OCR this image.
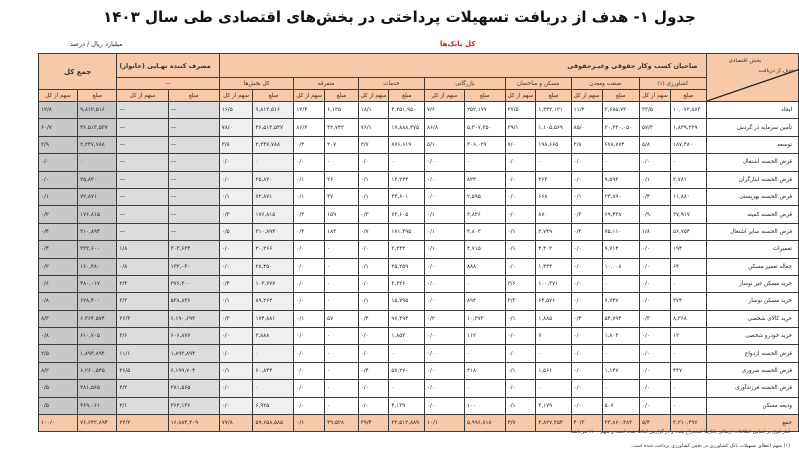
جدول ۱- هدف از دریافت تسهیلات پرداختی در بخش‌های اقتصادی طی سال ۱۴۰۳
میلیارد ریال / درصد	کل بانک‌ها
هدف از دریافت
بخش اقتصادی	صاحبان کسب وکار حقوقی وغیـرحقوقی														مصرف کننده نهـایی (خانوار)		جمع کل	
	کشاورزی (۱)		صنعت ومعدن		مسکن و ساختمان		بازرگانی		خدمات		متفرقه		کل بخش‌ها		—			
	مبلغ	سهم از کل	مبلغ	سهم از کل	مبلغ	سهم از کل	مبلغ	سهم از کل	مبلغ	سهم از کل	مبلغ	سهم از کل	مبلغ	سهم از کل	مبلغ	سهم از کل	مبلغ	سهم از کل
ایجاد	۱۰,۰۷۲,۸۸۳	۳۳/۵	۲,۶۸۵,۷۳۰	۱۱/۲	۱,۳۴۲,۱۲۱	۲۷/۵	۲۵۲,۱۷۷	۷/۶	۴,۲۵۱,۹۵۰	۱۸/۱	۶,۱۳۵	۱۲/۴	۹,۸۱۲,۵۱۶	۱۶/۵	—	—	۹,۸۱۲,۵۱۶	۱۲/۸
تأمین سرمایه در گردش	۱,۸۳۹,۲۲۹	۵۷/۳	۲۰,۲۲۰,۰۵۰	۸۵/۰	۱,۱۰۵,۵۶۹	۳۹/۱	۵,۲۰۷,۳۵۰	۸۶/۸	۱۷,۸۸۸,۳۷۵	۷۶/۱	۴۲,۷۴۳	۸۶/۳	۴۶,۵۱۳,۵۳۷	۷۸/۰	—	—	۴۶,۵۱۳,۵۳۷	۶۰/۷
توسعه	۱۸۷,۴۸۰	۵/۸	۶۷۸,۷۷۴	۲/۸	۱۹۸,۶۶۵	۷/۰	۳۰۶,۰۲۷	۵/۱	۸۷۶,۶۱۹	۳/۷	۲۰۷	۰/۴	۲,۲۴۷,۷۸۸	۳/۸	—	—	۲,۲۴۷,۷۸۸	۲/۹
قرض الحسنه اشتغال	۰	۰/۰	۰	۰/۰	۰	۰/۰	۰	۰/۰	۰	۰/۰	۰	۰/۰	۰	۰/۰	—	—	۰	۰/۰
قرض الحسنه ایثارگران	۲,۷۸۱	۰/۱	۹,۵۹۳	۰/۰	۳۶۴	۰/۰	۸۲۴	۰/۰	۱۲,۲۴۴	۰/۱	۲۶	۰/۱	۲۵,۸۳۰	۰/۰	—	—	۲۵,۸۳۰	۰/۰
قرض الحسنه بهزیستی	۱۱,۸۸۰	۰/۴	۲۳,۸۹۰	۰/۱	۶۶۸	۰/۰	۲,۵۹۵	۰/۰	۳۳,۸۰۱	۰/۱	۳۷	۰/۱	۷۲,۸۷۱	۰/۱	—	—	۷۲,۸۷۱	۰/۱
قرض الحسنه کمیته	۳۷,۹۱۷	۰/۹	۶۹,۴۳۸	۰/۳	۸۷۰	۰/۰	۳,۸۲۶	۰/۱	۷۳,۶۰۵	۰/۳	۱۵۹	۰/۳	۱۷۶,۸۱۵	۰/۳	—	—	۱۷۶,۸۱۵	۰/۲
قرض الحسنه سایر اشتغال	۵۶,۷۵۴	۱/۸	۷۵,۱۱۰	۰/۳	۲,۷۴۹	۰/۱	۴,۸۰۳	۰/۱	۱۷۱,۴۹۵	۰/۷	۱۸۴	۰/۴	۳۱۰,۸۹۴	۰/۵	—	—	۳۱۰,۸۹۴	۰/۴
تعمیرات	۱۹۴	۰/۰	۹,۷۱۴	۰/۰	۴,۴۰۳	۰/۱	۴,۷۱۵	۰/۱	۳,۲۴۴	۰/۰	۰	۰/۰	۲۰,۲۶۶	۰/۰	۳۰۳,۶۳۴	۱/۸	۳۲۳,۶۰۰	۰/۴
جعاله تعمیر مسکن	۶۴	۰/۰	۱۰,۰۰۸	۰/۰	۱,۴۴۴	۰/۰	۸۸۸	۰/۰	۲۵,۲۵۹	۰/۱	۰	۰/۰	۲۸,۴۵۰	۰/۰	۱۳۲,۰۳۰	۰/۸	۱۶۰,۴۸۰	۰/۲
خرید مسکن غیر نوساز	۰	۰/۰	۰	۰/۰	۱۰۰,۳۷۱	۳/۶	۰	۰/۰	۳,۲۲۶	۰/۰	۰	۰/۰	۱۰۳,۷۷۷	۰/۴	۳۷۶,۳۰۰	۲/۴	۴۸۰,۰۱۷	۰/۶
خرید مسکن نوساز	۲۷۴	۰/۰	۷,۷۴۷	۰/۰	۶۴,۵۷۶	۲/۳	۸۹۴	۰/۰	۱۵,۷۹۵	۰/۱	۰	۰/۰	۸۹,۲۶۴	۰/۱	۵۳۸,۸۳۶	۳/۳	۶۲۸,۴۰۰	۰/۸
خرید کالای شخصی	۸,۳۶۸	۰/۳	۵۴,۷۹۴	۰/۴	۱,۸۸۵	۰/۱	۱۰,۳۷۳	۰/۲	۹۷,۴۹۴	۰/۴	۵۷	۰/۱	۱۷۴,۸۸۱	۰/۳	۶,۱۹۰,۶۹۳	۳۶/۳	۶,۳۶۴,۵۷۴	۸/۳
خرید خودرو شخصی	۱۲	۰/۰	۱,۸۰۳	۰/۰	۷	۰/۰	۱۱۲	۰/۰	۱,۸۵۳	۰/۰	۰	۰/۰	۳,۸۸۸	۰/۰	۶۰۶,۸۷۷	۳/۶	۶۱۰,۷۰۵	۰/۸
قرض الحسنه ازدواج	۰	۰/۰	۰	۰/۰	۰	۰/۰	۰	۰/۰	۰	۰/۰	۰	۰/۰	۰	۰/۰	۱,۸۹۳,۸۹۴	۱۱/۱	۱,۸۹۳,۸۹۴	۲/۵
قرض الحسنه ضروری	۴۴۷	۰/۰	۱,۱۴۷	۰/۰	۱,۵۶۱	۰/۱	۴۱۸	۰/۰	۵۷,۲۷۰	۰/۴	۰	۰/۰	۶۰,۸۴۴	۰/۱	۶,۱۹۹,۷۰۴	۳۶/۵	۶,۲۶۰,۵۴۵	۸/۲
قرض الحسنه فرزندآوری	۰	۰/۰	۰	۰/۰	۰	۰/۰	۰	۰/۰	۰	۰/۰	۰	۰/۰	۰	۰/۰	۳۸۱,۵۶۵	۲/۲	۳۸۱,۵۶۵	۰/۵
ودیعه مسکن	۰	۰/۰	۵۰۷	۰/۰	۲,۱۷۹	۰/۱	۱۰۰	۰/۰	۴,۱۳۹	۰/۰	۰	۰/۰	۶,۹۲۵	۰/۰	۳۶۲,۱۳۶	۲/۱	۳۶۹,۰۶۱	۰/۵
جمع	۳,۲۱۰,۴۹۶	۵/۴	۲۳,۸۶۰,۴۸۳	۴۰/۳	۲,۸۲۷,۴۵۴	۴/۷	۵,۹۹۶,۸۱۸	۱۰/۱	۲۳,۵۱۳,۸۸۹	۳۹/۴	۴۹,۵۲۸	۰/۱	۵۹,۶۵۸,۵۸۵	۷۷/۸	۱۶,۸۸۴,۴۰۹	۲۲/۲	۷۶,۶۴۲,۸۹۴	۱۰۰/۰
آمار فوق بر اساس اطلاعات ارسالی بانک‌ها استخراج شده و در گزارش لحاظ شده است و سهم ۱۰۰٪ می‌باشد.
(۱) سهم اعطای تسهیلات بانک کشاورزی در بخش کشاورزی پرداخت شده است.
